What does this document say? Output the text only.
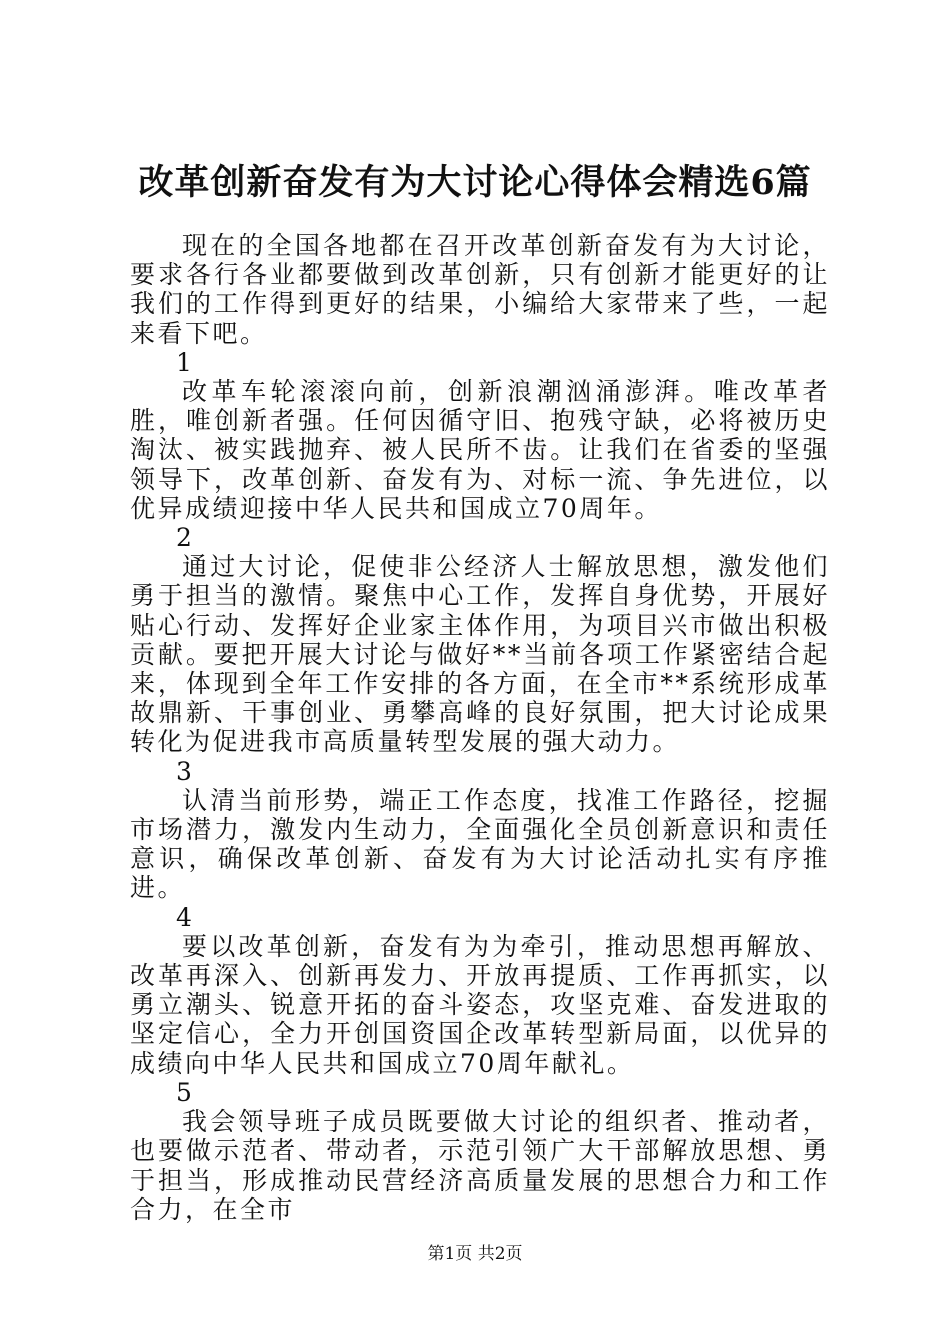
改革创新奋发有为大讨论心得体会精选6篇

现在的全国各地都在召开改革创新奋发有为大讨论，要求各行各业都要做到改革创新，只有创新才能更好的让我们的工作得到更好的结果，小编给大家带来了些，一起来看下吧。

1

改革车轮滚滚向前，创新浪潮汹涌澎湃。唯改革者胜，唯创新者强。任何因循守旧、抱残守缺，必将被历史淘汰、被实践抛弃、被人民所不齿。让我们在省委的坚强领导下，改革创新、奋发有为、对标一流、争先进位，以优异成绩迎接中华人民共和国成立70周年。

2

通过大讨论，促使非公经济人士解放思想，激发他们勇于担当的激情。聚焦中心工作，发挥自身优势，开展好贴心行动、发挥好企业家主体作用，为项目兴市做出积极贡献。要把开展大讨论与做好**当前各项工作紧密结合起来，体现到全年工作安排的各方面，在全市**系统形成革故鼎新、干事创业、勇攀高峰的良好氛围，把大讨论成果转化为促进我市高质量转型发展的强大动力。

3

认清当前形势，端正工作态度，找准工作路径，挖掘市场潜力，激发内生动力，全面强化全员创新意识和责任意识，确保改革创新、奋发有为大讨论活动扎实有序推进。

4

要以改革创新，奋发有为为牵引，推动思想再解放、改革再深入、创新再发力、开放再提质、工作再抓实，以勇立潮头、锐意开拓的奋斗姿态，攻坚克难、奋发进取的坚定信心，全力开创国资国企改革转型新局面，以优异的成绩向中华人民共和国成立70周年献礼。

5

我会领导班子成员既要做大讨论的组织者、推动者，也要做示范者、带动者，示范引领广大干部解放思想、勇于担当，形成推动民营经济高质量发展的思想合力和工作合力，在全市

第1页 共2页
